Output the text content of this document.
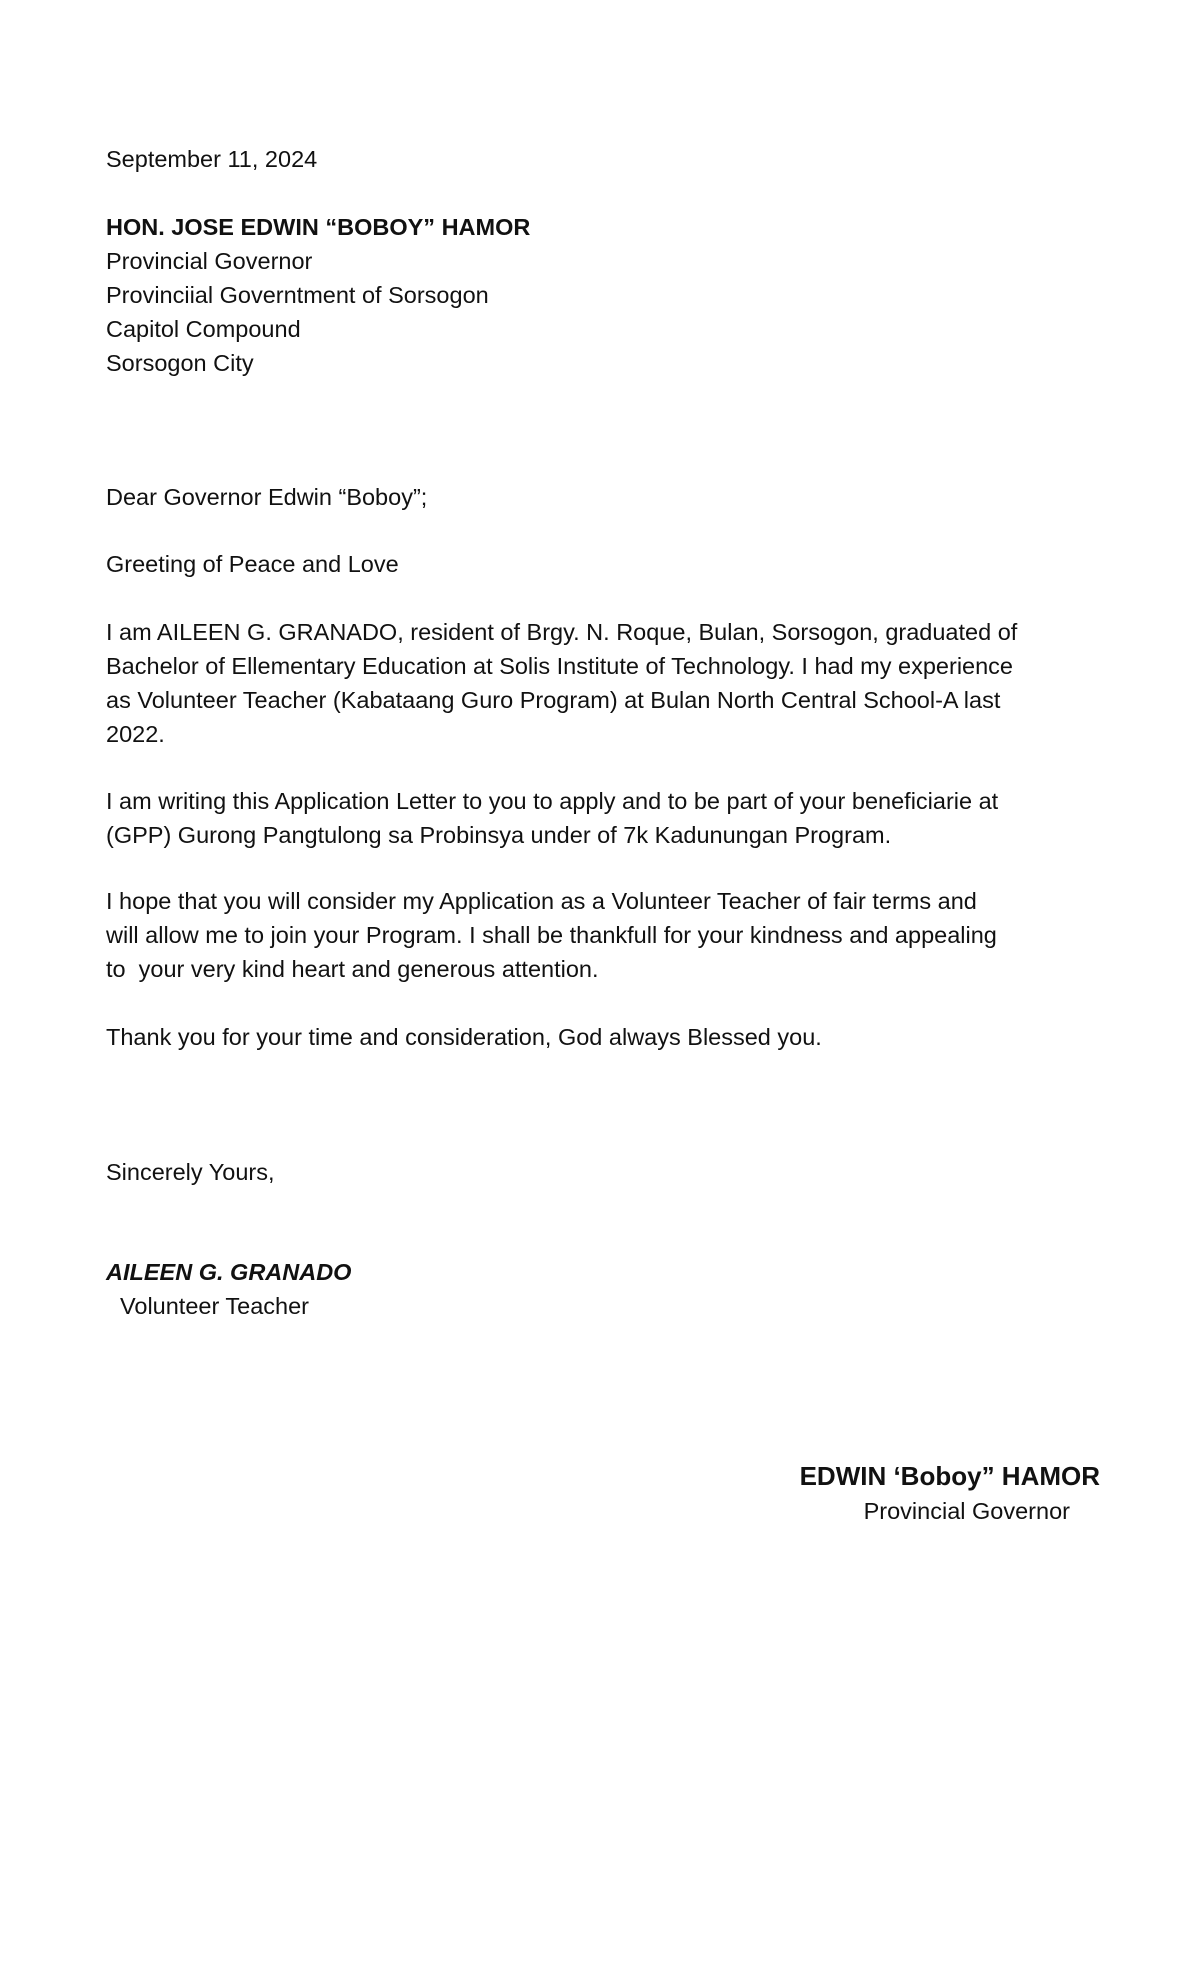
September 11, 2024
HON. JOSE EDWIN “BOBOY” HAMOR
Provincial Governor
Provinciial Governtment of Sorsogon
Capitol Compound
Sorsogon City
Dear Governor Edwin “Boboy”;
Greeting of Peace and Love
I am AILEEN G. GRANADO, resident of Brgy. N. Roque, Bulan, Sorsogon, graduated of
Bachelor of Ellementary Education at Solis Institute of Technology. I had my experience
as Volunteer Teacher (Kabataang Guro Program) at Bulan North Central School-A last
2022.
I am writing this Application Letter to you to apply and to be part of your beneficiarie at
(GPP) Gurong Pangtulong sa Probinsya under of 7k Kadunungan Program.
I hope that you will consider my Application as a Volunteer Teacher of fair terms and
will allow me to join your Program. I shall be thankfull for your kindness and appealing
to  your very kind heart and generous attention.
Thank you for your time and consideration, God always Blessed you.
Sincerely Yours,
AILEEN G. GRANADO
Volunteer Teacher
EDWIN ‘Boboy” HAMOR
Provincial Governor
